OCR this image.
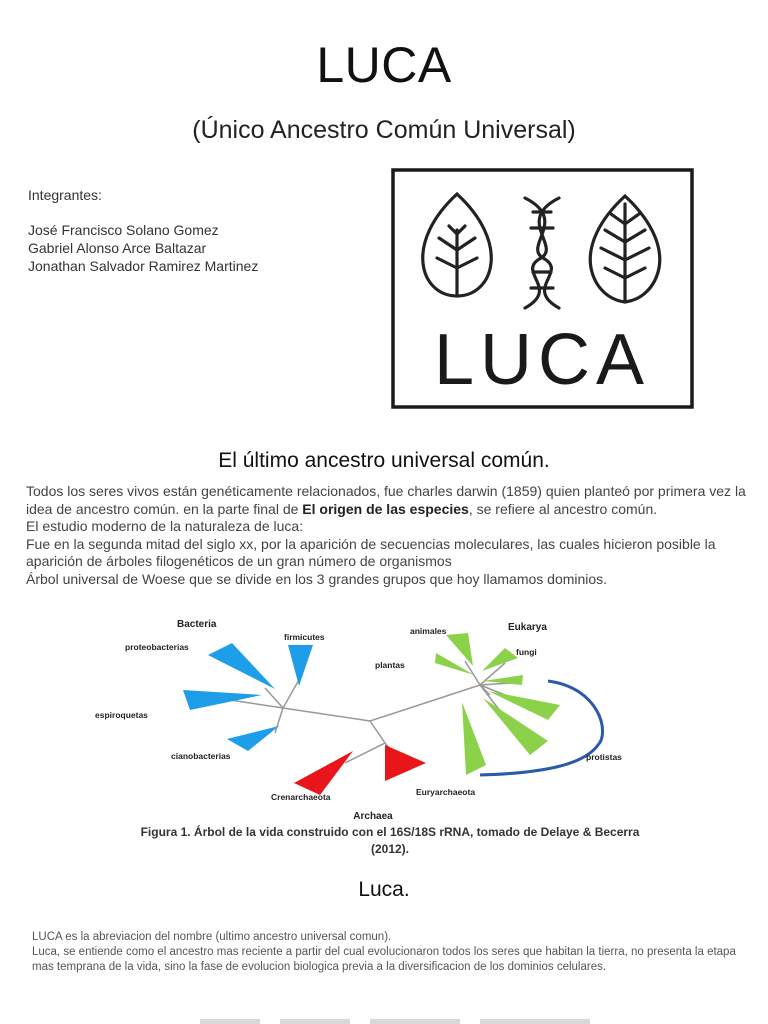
LUCA
(Único Ancestro Común Universal)
Integrantes:
José Francisco Solano Gomez
Gabriel Alonso Arce Baltazar
Jonathan Salvador Ramirez Martinez
LUCA
El último ancestro universal común.
Todos los seres vivos están genéticamente relacionados, fue charles darwin (1859) quien planteó por primera vez la idea de ancestro común. en la parte final de El origen de las especies, se refiere al ancestro común.
El estudio moderno de la naturaleza de luca:
Fue en la segunda mitad del siglo xx, por la aparición de secuencias moleculares, las cuales hicieron posible la aparición de árboles filogenéticos de un gran número de organismos
Árbol universal de Woese que se divide en los 3 grandes grupos que hoy llamamos dominios.
Bacteria	Eukarya
Archaea
proteobacterias
firmicutes
espiroquetas
cianobacterias
Crenarchaeota	Euryarchaeota
animales
fungi
plantas
protistas
Figura 1. Árbol de la vida construido con el 16S/18S rRNA, tomado de Delaye & Becerra
(2012).
Luca.
LUCA es la abreviacion del nombre (ultimo ancestro universal comun).
Luca, se entiende como el ancestro mas reciente a partir del cual evolucionaron todos los seres que habitan la tierra, no presenta la etapa mas temprana de la vida, sino la fase de evolucion biologica previa a la diversificacion de los dominios celulares.
